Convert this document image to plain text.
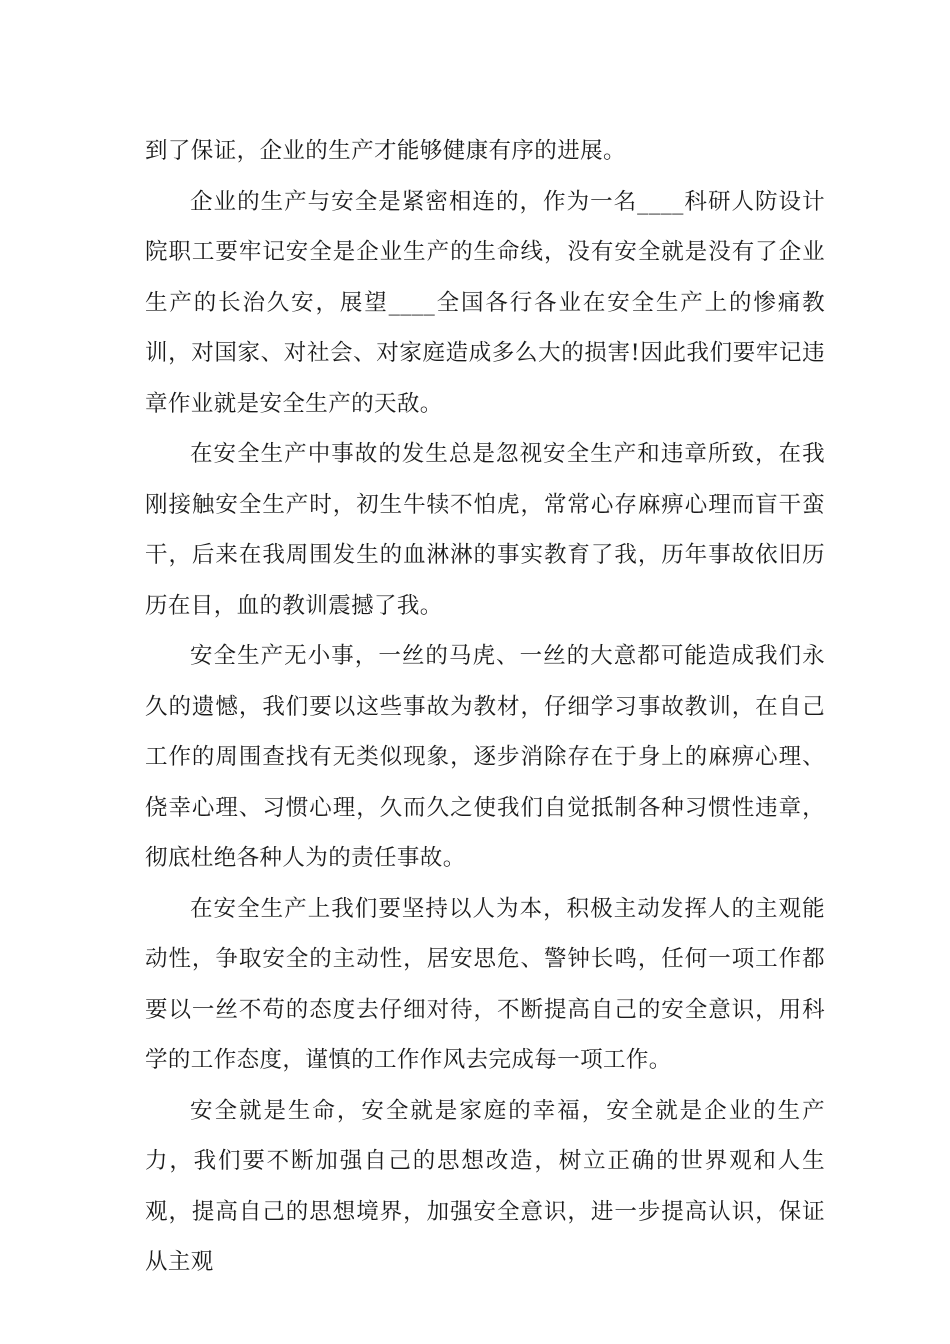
到了保证，企业的生产才能够健康有序的进展。

企业的生产与安全是紧密相连的，作为一名____科研人防设计院职工要牢记安全是企业生产的生命线，没有安全就是没有了企业生产的长治久安，展望____全国各行各业在安全生产上的惨痛教训，对国家、对社会、对家庭造成多么大的损害!因此我们要牢记违章作业就是安全生产的天敌。

在安全生产中事故的发生总是忽视安全生产和违章所致，在我刚接触安全生产时，初生牛犊不怕虎，常常心存麻痹心理而盲干蛮干，后来在我周围发生的血淋淋的事实教育了我，历年事故依旧历历在目，血的教训震撼了我。

安全生产无小事，一丝的马虎、一丝的大意都可能造成我们永久的遗憾，我们要以这些事故为教材，仔细学习事故教训，在自己工作的周围查找有无类似现象，逐步消除存在于身上的麻痹心理、侥幸心理、习惯心理，久而久之使我们自觉抵制各种习惯性违章，彻底杜绝各种人为的责任事故。

在安全生产上我们要坚持以人为本，积极主动发挥人的主观能动性，争取安全的主动性，居安思危、警钟长鸣，任何一项工作都要以一丝不苟的态度去仔细对待，不断提高自己的安全意识，用科学的工作态度，谨慎的工作作风去完成每一项工作。

安全就是生命，安全就是家庭的幸福，安全就是企业的生产力，我们要不断加强自己的思想改造，树立正确的世界观和人生观，提高自己的思想境界，加强安全意识，进一步提高认识，保证从主观
